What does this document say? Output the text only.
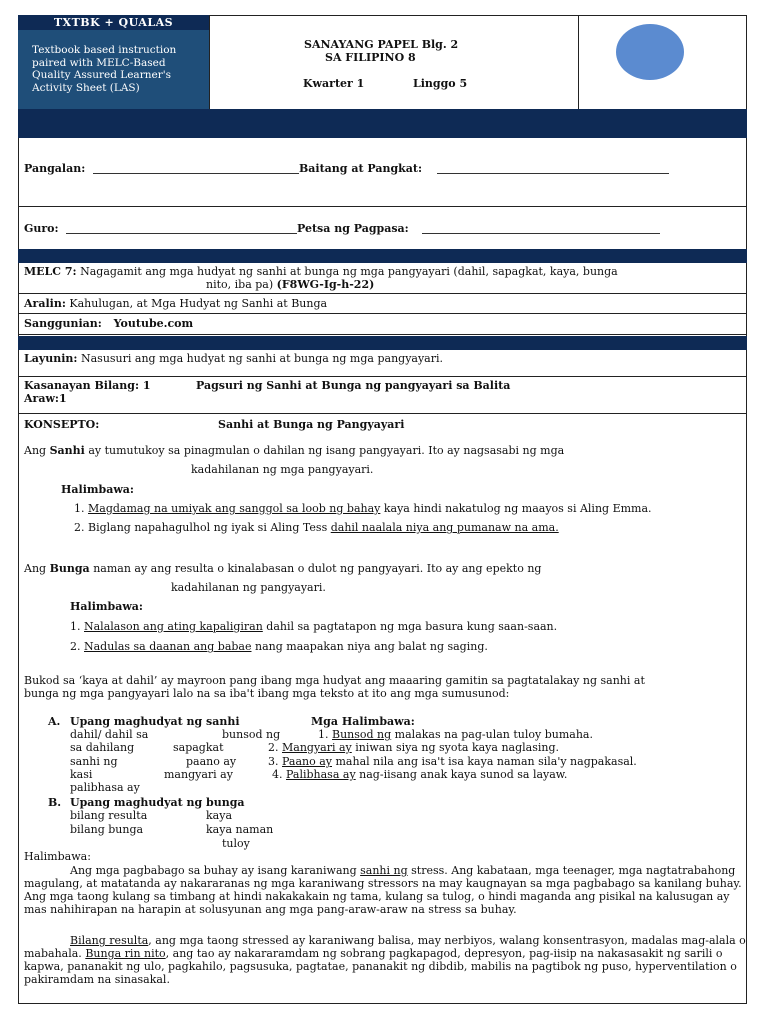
TXTBK + QUALAS
Textbook based instruction paired with MELC-Based Quality Assured Learner's Activity Sheet (LAS)
SANAYANG PAPEL Blg. 2
SA FILIPINO 8
Kwarter 1	Linggo 5
Pangalan:	Baitang at Pangkat:
Guro:	Petsa ng Pagpasa:
MELC 7: Nagagamit ang mga hudyat ng sanhi at bunga ng mga pangyayari (dahil, sapagkat, kaya, bunga
nito, iba pa) (F8WG-Ig-h-22)
Aralin: Kahulugan, at Mga Hudyat ng Sanhi at Bunga
Sanggunian: Youtube.com
Layunin: Nasusuri ang mga hudyat ng sanhi at bunga ng mga pangyayari.
Kasanayan Bilang: 1	Pagsuri ng Sanhi at Bunga ng pangyayari sa Balita
Araw:1
KONSEPTO:	Sanhi at Bunga ng Pangyayari
Ang Sanhi ay tumutukoy sa pinagmulan o dahilan ng isang pangyayari. Ito ay nagsasabi ng mga
kadahilanan ng mga pangyayari.
Halimbawa:
1. Magdamag na umiyak ang sanggol sa loob ng bahay kaya hindi nakatulog ng maayos si Aling Emma.
2. Biglang napahagulhol ng iyak si Aling Tess dahil naalala niya ang pumanaw na ama.
Ang Bunga naman ay ang resulta o kinalabasan o dulot ng pangyayari. Ito ay ang epekto ng
kadahilanan ng pangyayari.
Halimbawa:
1. Nalalason ang ating kapaligiran dahil sa pagtatapon ng mga basura kung saan-saan.
2. Nadulas sa daanan ang babae nang maapakan niya ang balat ng saging.
Bukod sa ‘kaya at dahil’ ay mayroon pang ibang mga hudyat ang maaaring gamitin sa pagtatalakay ng sanhi at
bunga ng mga pangyayari lalo na sa iba't ibang mga teksto at ito ang mga sumusunod:
A. Upang maghudyat ng sanhi	Mga Halimbawa:
dahil/ dahil sa	bunsod ng
sa dahilang	sapagkat
sanhi ng	paano ay
kasi	mangyari ay
palibhasa ay
1. Bunsod ng malakas na pag-ulan tuloy bumaha.
2. Mangyari ay iniwan siya ng syota kaya naglasing.
3. Paano ay mahal nila ang isa't isa kaya naman sila'y nagpakasal.
4. Palibhasa ay nag-iisang anak kaya sunod sa layaw.
B. Upang maghudyat ng bunga
bilang resulta	kaya
bilang bunga	kaya naman
tuloy
Halimbawa:
Ang mga pagbabago sa buhay ay isang karaniwang sanhi ng stress. Ang kabataan, mga teenager, mga nagtatrabahong magulang, at matatanda ay nakararanas ng mga karaniwang stressors na may kaugnayan sa mga pagbabago sa kanilang buhay. Ang mga taong kulang sa timbang at hindi nakakakain ng tama, kulang sa tulog, o hindi maganda ang pisikal na kalusugan ay mas nahihirapan na harapin at solusyunan ang mga pang-araw-araw na stress sa buhay.
Bilang resulta, ang mga taong stressed ay karaniwang balisa, may nerbiyos, walang konsentrasyon, madalas mag-alala o mabahala. Bunga rin nito, ang tao ay nakararamdam ng sobrang pagkapagod, depresyon, pag-iisip na nakasasakit ng sarili o kapwa, pananakit ng ulo, pagkahilo, pagsusuka, pagtatae, pananakit ng dibdib, mabilis na pagtibok ng puso, hyperventilation o pakiramdam na sinasakal.
